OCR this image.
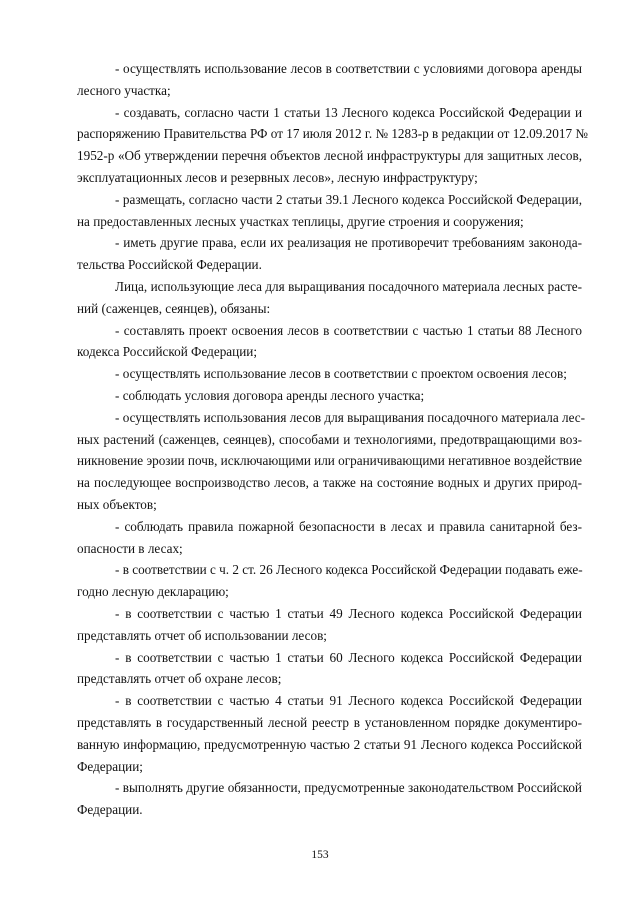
- осуществлять использование лесов в соответствии с условиями договора аренды
лесного участка;
- создавать, согласно части 1 статьи 13 Лесного кодекса Российской Федерации и
распоряжению Правительства РФ от 17 июля 2012 г. № 1283-р в редакции от 12.09.2017 №
1952-р «Об утверждении перечня объектов лесной инфраструктуры для защитных лесов,
эксплуатационных лесов и резервных лесов», лесную инфраструктуру;
- размещать, согласно части 2 статьи 39.1 Лесного кодекса Российской Федерации,
на предоставленных лесных участках теплицы, другие строения и сооружения;
- иметь другие права, если их реализация не противоречит требованиям законода-
тельства Российской Федерации.
Лица, использующие леса для выращивания посадочного материала лесных расте-
ний (саженцев, сеянцев), обязаны:
- составлять проект освоения лесов в соответствии с частью 1 статьи 88 Лесного
кодекса Российской Федерации;
- осуществлять использование лесов в соответствии с проектом освоения лесов;
- соблюдать условия договора аренды лесного участка;
- осуществлять использования лесов для выращивания посадочного материала лес-
ных растений (саженцев, сеянцев), способами и технологиями, предотвращающими воз-
никновение эрозии почв, исключающими или ограничивающими негативное воздействие
на последующее воспроизводство лесов, а также на состояние водных и других природ-
ных объектов;
- соблюдать правила пожарной безопасности в лесах и правила санитарной без-
опасности в лесах;
- в соответствии с ч. 2 ст. 26 Лесного кодекса Российской Федерации подавать еже-
годно лесную декларацию;
- в соответствии с частью 1 статьи 49 Лесного кодекса Российской Федерации
представлять отчет об использовании лесов;
- в соответствии с частью 1 статьи 60 Лесного кодекса Российской Федерации
представлять отчет об охране лесов;
- в соответствии с частью 4 статьи 91 Лесного кодекса Российской Федерации
представлять в государственный лесной реестр в установленном порядке документиро-
ванную информацию, предусмотренную частью 2 статьи 91 Лесного кодекса Российской
Федерации;
- выполнять другие обязанности, предусмотренные законодательством Российской
Федерации.
153
